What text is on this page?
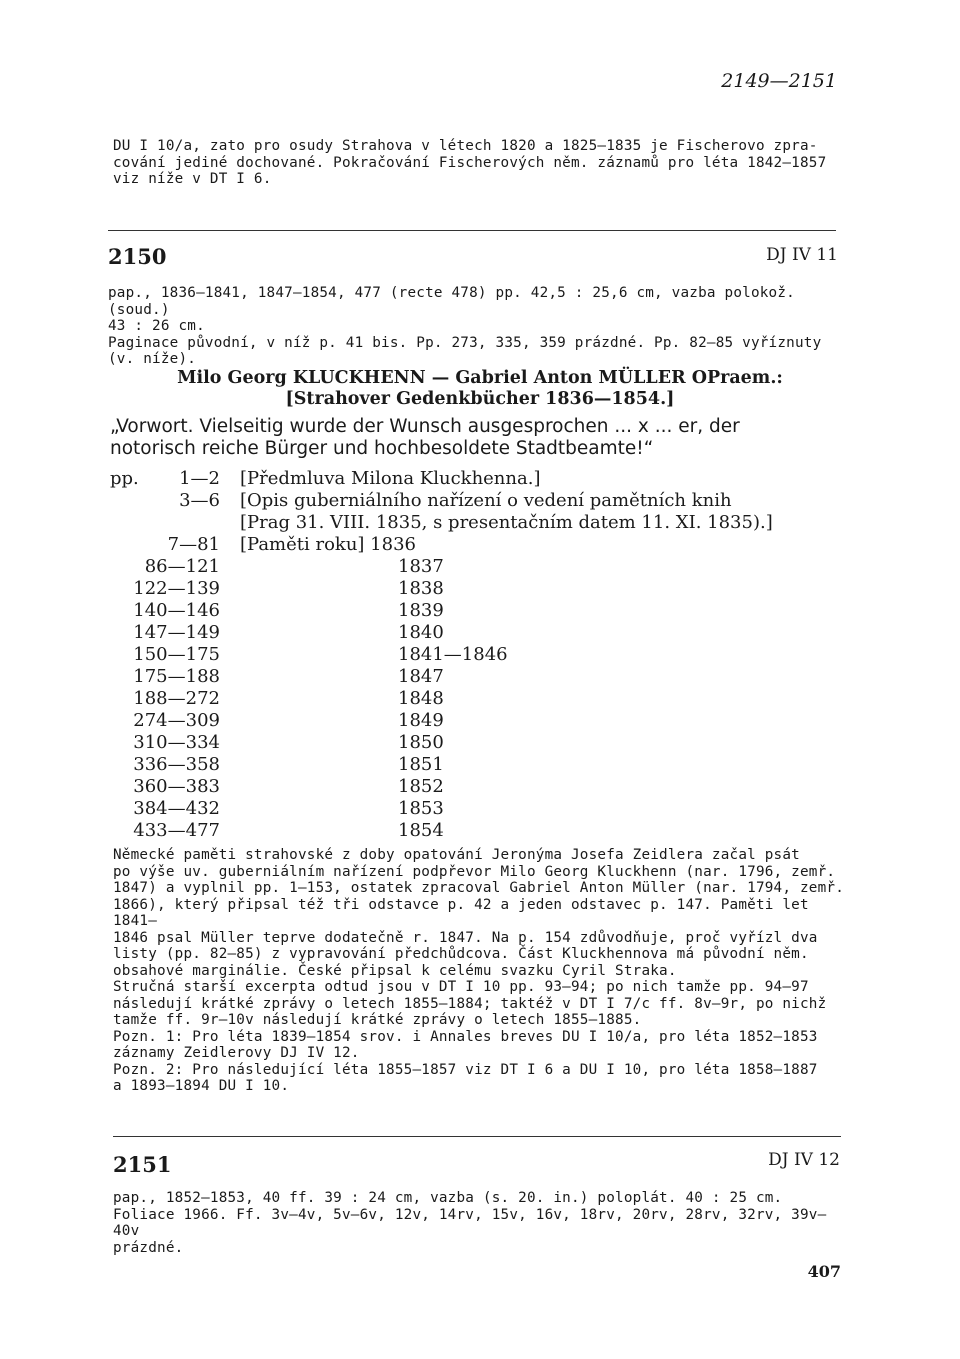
2149—2151
DU I 10/a, zato pro osudy Strahova v létech 1820 a 1825—1835 je Fischerovo zpra-
cování jediné dochované. Pokračování Fischerových něm. záznamů pro léta 1842—1857
viz níže v DT I 6.
2150	DJ IV 11
pap., 1836—1841, 1847—1854, 477 (recte 478) pp. 42,5 : 25,6 cm, vazba polokož. (soud.)
43 : 26 cm.
Paginace původní, v níž p. 41 bis. Pp. 273, 335, 359 prázdné. Pp. 82—85 vyříznuty
(v. níže).
Milo Georg KLUCKHENN — Gabriel Anton MÜLLER OPraem.:
[Strahover Gedenkbücher 1836—1854.]
„Vorwort. Vielseitig wurde der Wunsch ausgesprochen ... x ... er, der
notorisch reiche Bürger und hochbesoldete Stadtbeamte!“
pp.	1—2 [Předmluva Milona Kluckhenna.]
3—6 [Opis guberniálního nařízení o vedení pamětních knih
[Prag 31. VIII. 1835, s presentačním datem 11. XI. 1835).]
7—81 [Paměti roku] 1836
86—121	1837
122—139	1838
140—146	1839
147—149	1840
150—175	1841—1846
175—188	1847
188—272	1848
274—309	1849
310—334	1850
336—358	1851
360—383	1852
384—432	1853
433—477	1854
Německé paměti strahovské z doby opatování Jeronýma Josefa Zeidlera začal psát
po výše uv. guberniálním nařízení podpřevor Milo Georg Kluckhenn (nar. 1796, zemř.
1847) a vyplnil pp. 1—153, ostatek zpracoval Gabriel Anton Müller (nar. 1794, zemř.
1866), který připsal též tři odstavce p. 42 a jeden odstavec p. 147. Paměti let 1841—
1846 psal Müller teprve dodatečně r. 1847. Na p. 154 zdůvodňuje, proč vyřízl dva
listy (pp. 82—85) z vypravování předchůdcova. Část Kluckhennova má původní něm.
obsahové marginálie. České připsal k celému svazku Cyril Straka.
Stručná starší excerpta odtud jsou v DT I 10 pp. 93—94; po nich tamže pp. 94—97
následují krátké zprávy o letech 1855—1884; taktéž v DT I 7/c ff. 8v—9r, po nichž
tamže ff. 9r—10v následují krátké zprávy o letech 1855—1885.
Pozn. 1: Pro léta 1839—1854 srov. i Annales breves DU I 10/a, pro léta 1852—1853
záznamy Zeidlerovy DJ IV 12.
Pozn. 2: Pro následující léta 1855—1857 viz DT I 6 a DU I 10, pro léta 1858—1887
a 1893—1894 DU I 10.
2151	DJ IV 12
pap., 1852—1853, 40 ff. 39 : 24 cm, vazba (s. 20. in.) poloplát. 40 : 25 cm.
Foliace 1966. Ff. 3v—4v, 5v—6v, 12v, 14rv, 15v, 16v, 18rv, 20rv, 28rv, 32rv, 39v—40v
prázdné.
407
